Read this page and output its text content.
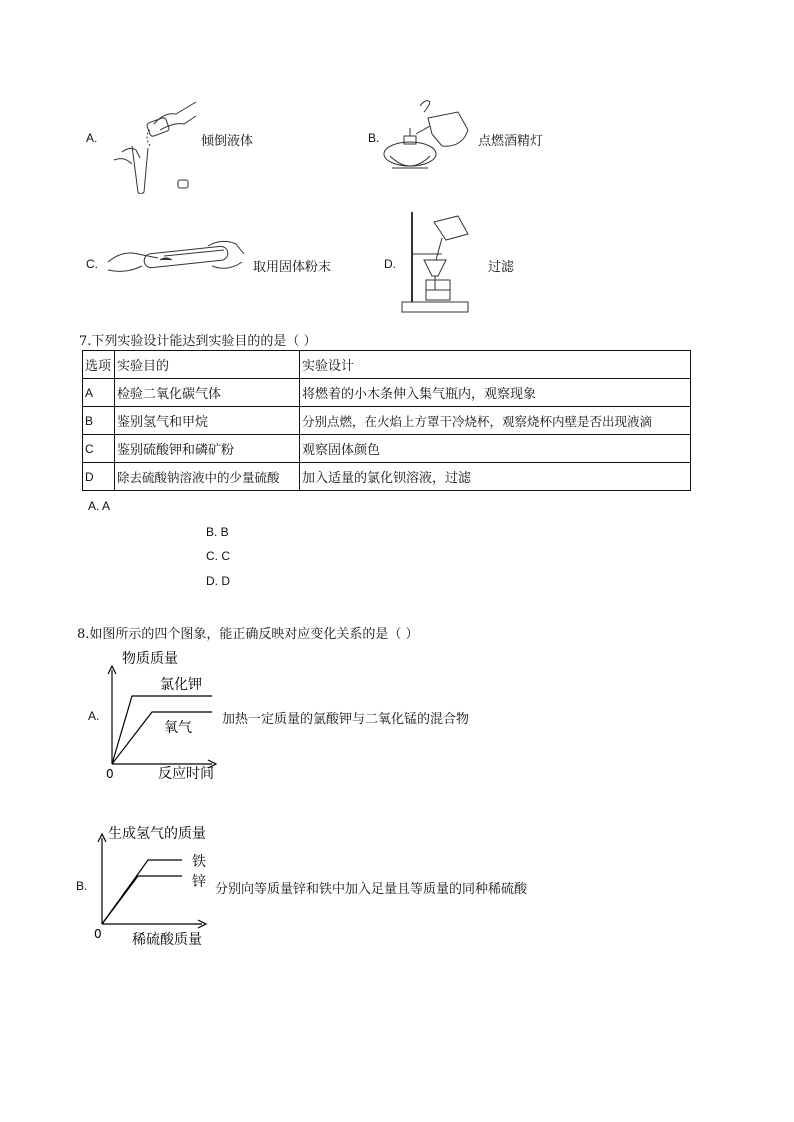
A.	倾倒液体	B.	点燃酒精灯
C.	取用固体粉末	D.	过滤
7.下列实验设计能达到实验目的的是（ ）
选项	实验目的	实验设计
A	检验二氧化碳气体	将燃着的小木条伸入集气瓶内，观察现象
B	鉴别氢气和甲烷	分别点燃，在火焰上方罩干冷烧杯，观察烧杯内壁是否出现液滴
C	鉴别硫酸钾和磷矿粉	观察固体颜色
D	除去硫酸钠溶液中的少量硫酸	加入适量的氯化钡溶液，过滤
A. A
B. B
C. C
D. D
8.如图所示的四个图象，能正确反映对应变化关系的是（ ）
A.
物质质量
氯化钾
氧气
0	反应时间
加热一定质量的氯酸钾与二氧化锰的混合物
B.
生成氢气的质量
铁
锌
0 稀硫酸质量
分别向等质量锌和铁中加入足量且等质量的同种稀硫酸
